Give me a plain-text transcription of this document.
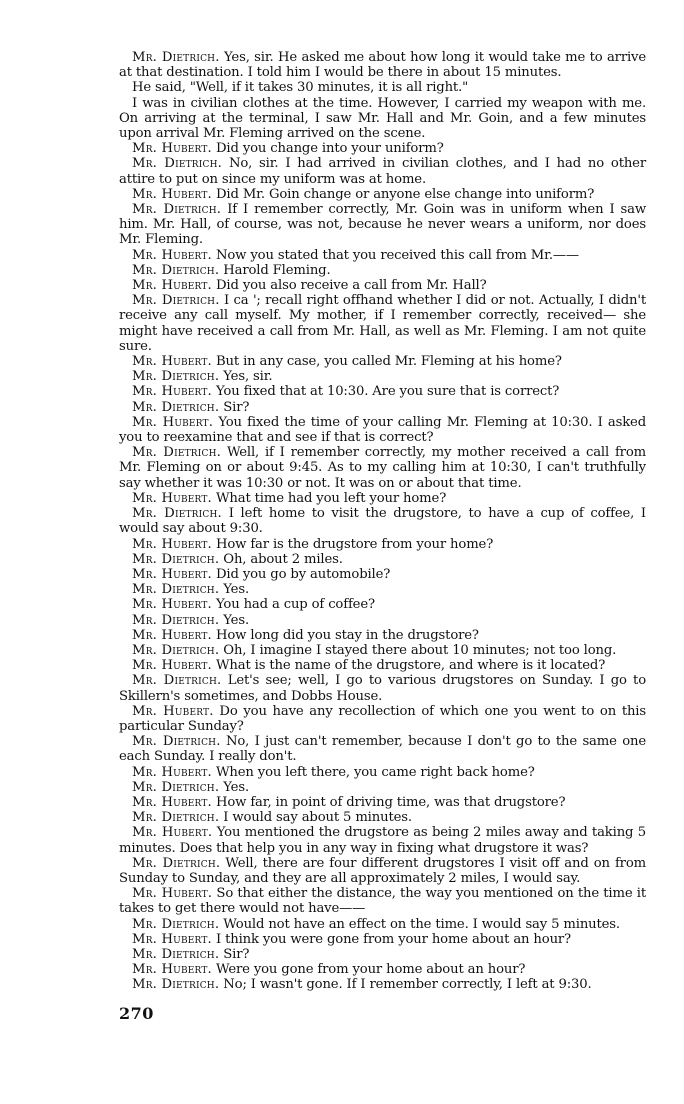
Mr. Dietrich. Yes, sir. He asked me about how long it would take me to arrive at that destination. I told him I would be there in about 15 minutes.

He said, "Well, if it takes 30 minutes, it is all right."

I was in civilian clothes at the time. However, I carried my weapon with me. On arriving at the terminal, I saw Mr. Hall and Mr. Goin, and a few minutes upon arrival Mr. Fleming arrived on the scene.

Mr. Hubert. Did you change into your uniform?

Mr. Dietrich. No, sir. I had arrived in civilian clothes, and I had no other attire to put on since my uniform was at home.

Mr. Hubert. Did Mr. Goin change or anyone else change into uniform?

Mr. Dietrich. If I remember correctly, Mr. Goin was in uniform when I saw him. Mr. Hall, of course, was not, because he never wears a uniform, nor does Mr. Fleming.

Mr. Hubert. Now you stated that you received this call from Mr.——

Mr. Dietrich. Harold Fleming.

Mr. Hubert. Did you also receive a call from Mr. Hall?

Mr. Dietrich. I ca '; recall right offhand whether I did or not. Actually, I didn't receive any call myself. My mother, if I remember correctly, received— she might have received a call from Mr. Hall, as well as Mr. Fleming. I am not quite sure.

Mr. Hubert. But in any case, you called Mr. Fleming at his home?

Mr. Dietrich. Yes, sir.

Mr. Hubert. You fixed that at 10:30. Are you sure that is correct?

Mr. Dietrich. Sir?

Mr. Hubert. You fixed the time of your calling Mr. Fleming at 10:30. I asked you to reexamine that and see if that is correct?

Mr. Dietrich. Well, if I remember correctly, my mother received a call from Mr. Fleming on or about 9:45. As to my calling him at 10:30, I can't truthfully say whether it was 10:30 or not. It was on or about that time.

Mr. Hubert. What time had you left your home?

Mr. Dietrich. I left home to visit the drugstore, to have a cup of coffee, I would say about 9:30.

Mr. Hubert. How far is the drugstore from your home?

Mr. Dietrich. Oh, about 2 miles.

Mr. Hubert. Did you go by automobile?

Mr. Dietrich. Yes.

Mr. Hubert. You had a cup of coffee?

Mr. Dietrich. Yes.

Mr. Hubert. How long did you stay in the drugstore?

Mr. Dietrich. Oh, I imagine I stayed there about 10 minutes; not too long.

Mr. Hubert. What is the name of the drugstore, and where is it located?

Mr. Dietrich. Let's see; well, I go to various drugstores on Sunday. I go to Skillern's sometimes, and Dobbs House.

Mr. Hubert. Do you have any recollection of which one you went to on this particular Sunday?

Mr. Dietrich. No, I just can't remember, because I don't go to the same one each Sunday. I really don't.

Mr. Hubert. When you left there, you came right back home?

Mr. Dietrich. Yes.

Mr. Hubert. How far, in point of driving time, was that drugstore?

Mr. Dietrich. I would say about 5 minutes.

Mr. Hubert. You mentioned the drugstore as being 2 miles away and taking 5 minutes. Does that help you in any way in fixing what drugstore it was?

Mr. Dietrich. Well, there are four different drugstores I visit off and on from Sunday to Sunday, and they are all approximately 2 miles, I would say.

Mr. Hubert. So that either the distance, the way you mentioned on the time it takes to get there would not have——

Mr. Dietrich. Would not have an effect on the time. I would say 5 minutes.

Mr. Hubert. I think you were gone from your home about an hour?

Mr. Dietrich. Sir?

Mr. Hubert. Were you gone from your home about an hour?

Mr. Dietrich. No; I wasn't gone. If I remember correctly, I left at 9:30.

270
